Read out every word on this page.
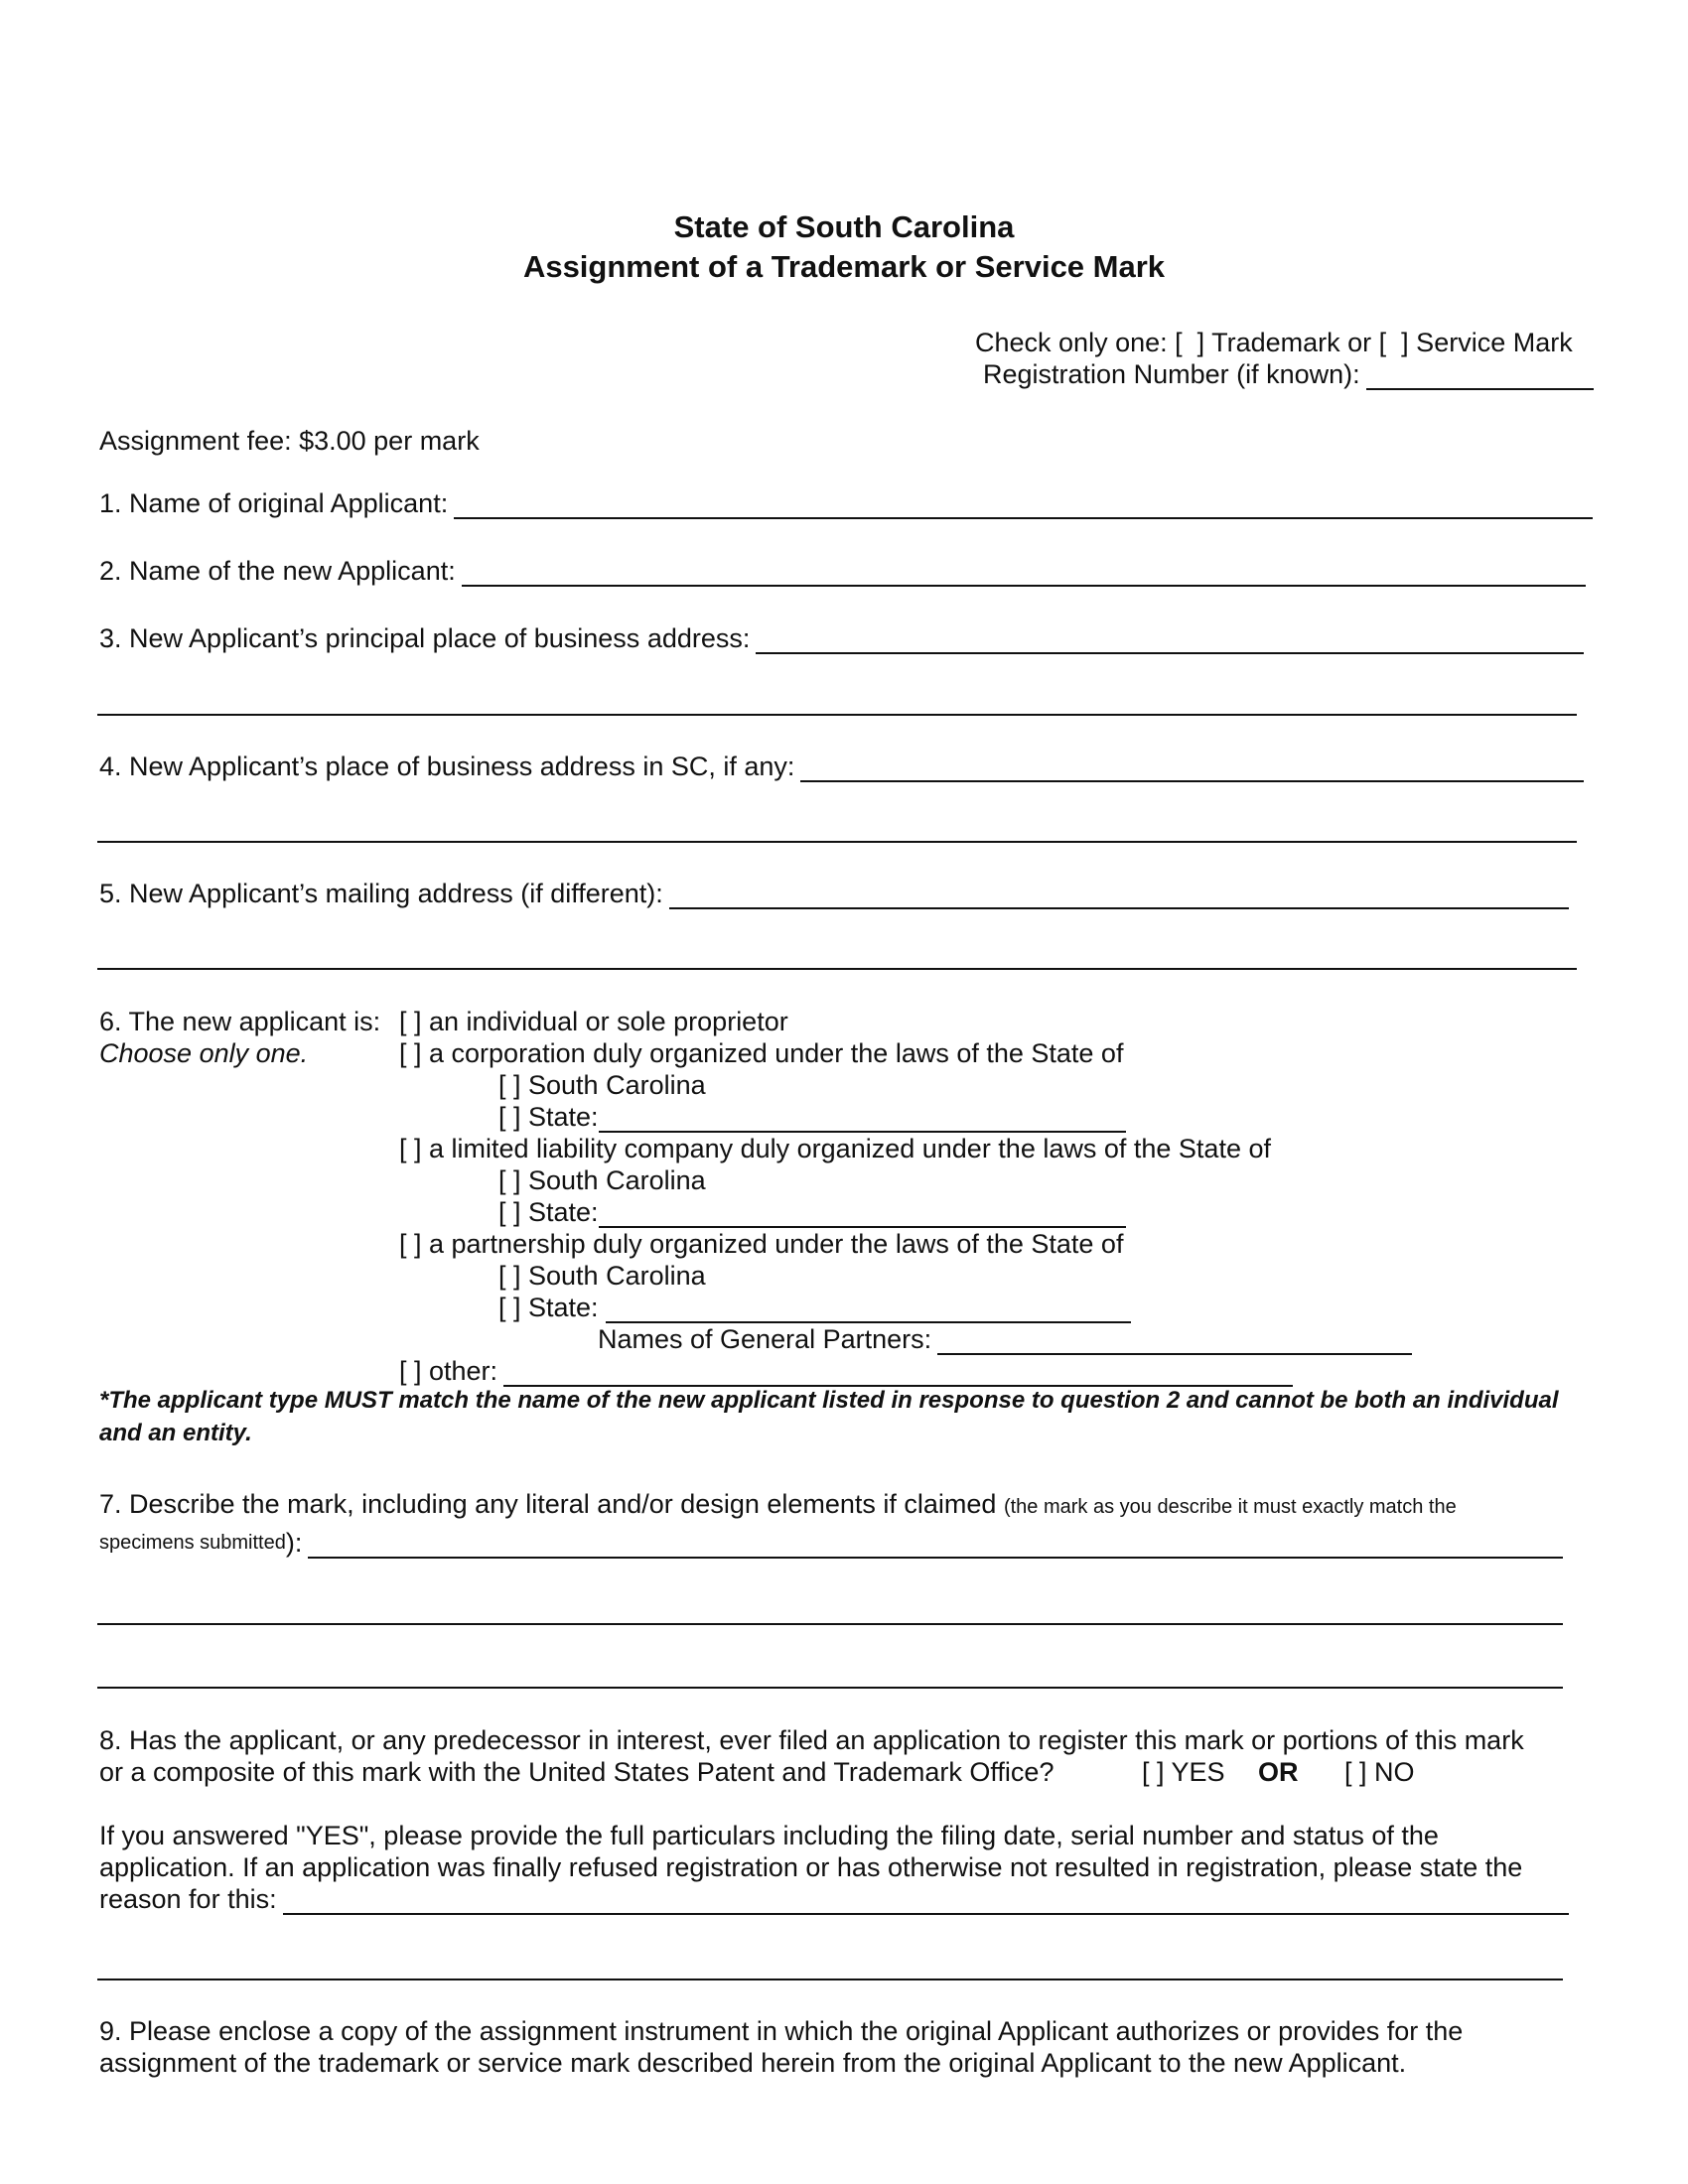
State of South Carolina
Assignment of a Trademark or Service Mark
Check only one: [  ] Trademark or [  ] Service Mark
Registration Number (if known):
Assignment fee: $3.00 per mark
1. Name of original Applicant:
2. Name of the new Applicant:
3. New Applicant’s principal place of business address:
4. New Applicant’s place of business address in SC, if any:
5. New Applicant’s mailing address (if different):
6. The new applicant is:
Choose only one.
[ ] an individual or sole proprietor
[ ] a corporation duly organized under the laws of the State of
[ ] South Carolina
[ ] State:
[ ] a limited liability company duly organized under the laws of the State of
[ ] South Carolina
[ ] State:
[ ] a partnership duly organized under the laws of the State of
[ ] South Carolina
[ ] State:
Names of General Partners:
[ ] other:
*The applicant type MUST match the name of the new applicant listed in response to question 2 and cannot be both an individual and an entity.
7. Describe the mark, including any literal and/or design elements if claimed (the mark as you describe it must exactly match the
specimens submitted ):
8. Has the applicant, or any predecessor in interest, ever filed an application to register this mark or portions of this mark
or a composite of this mark with the United States Patent and Trademark Office?	[ ] YES OR [ ] NO
If you answered "YES", please provide the full particulars including the filing date, serial number and status of the
application. If an application was finally refused registration or has otherwise not resulted in registration, please state the
reason for this:
9. Please enclose a copy of the assignment instrument in which the original Applicant authorizes or provides for the
assignment of the trademark or service mark described herein from the original Applicant to the new Applicant.
